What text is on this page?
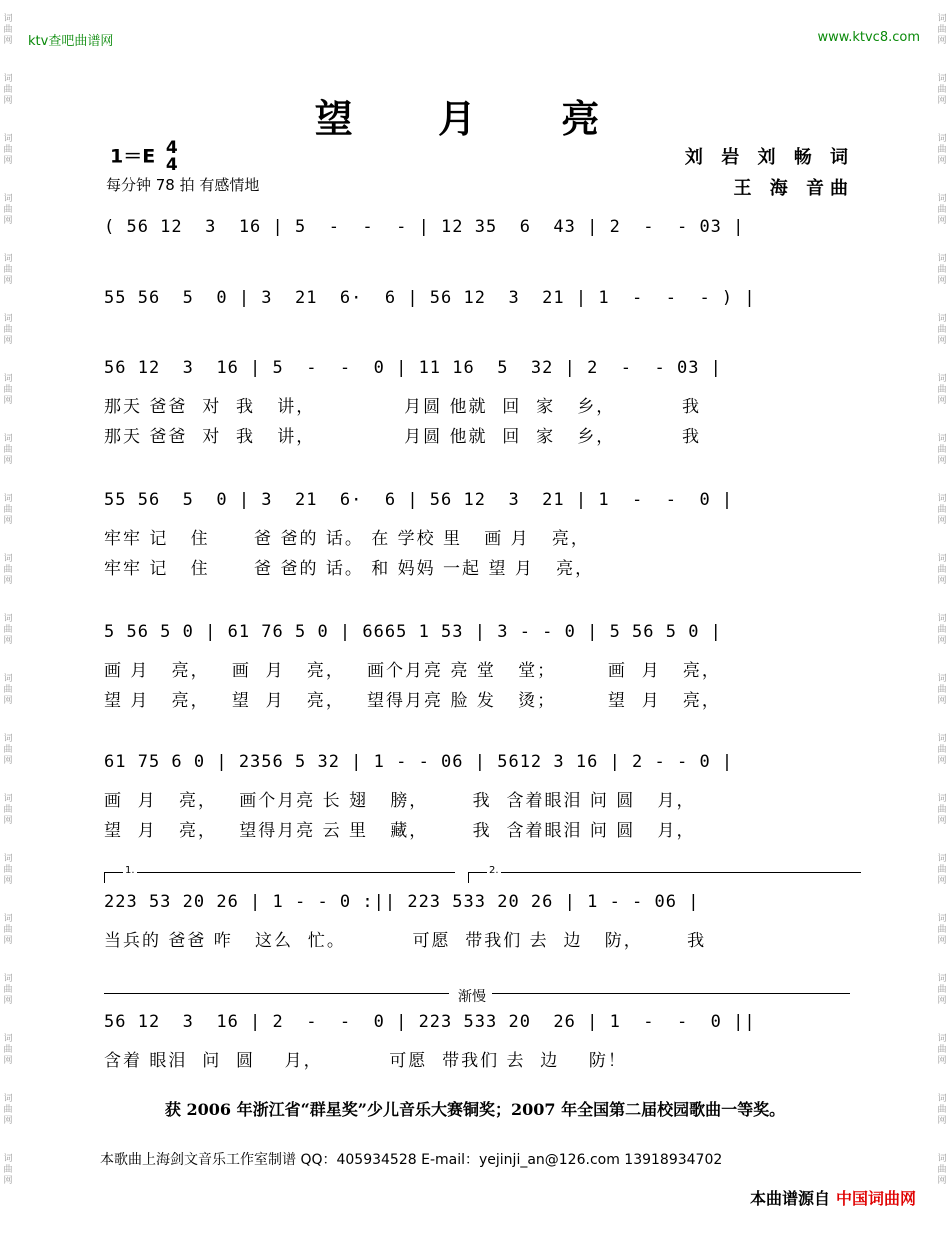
词
曲
网
词
曲
网
词
曲
网
词
曲
网
词
曲
网
词
曲
网
词
曲
网
词
曲
网
词
曲
网
词
曲
网
词
曲
网
词
曲
网
词
曲
网
词
曲
网
词
曲
网
词
曲
网
词
曲
网
词
曲
网
词
曲
网
词
曲
网
词
曲
网
词
曲
网
词
曲
网
词
曲
网
词
曲
网
词
曲
网
词
曲
网
词
曲
网
词
曲
网
词
曲
网
词
曲
网
词
曲
网
词
曲
网
词
曲
网
词
曲
网
词
曲
网
词
曲
网
词
曲
网
词
曲
网
词
曲
网
ktv查吧曲谱网	www.ktvc8.com
望 月 亮
1＝E 4
4
每分钟 78 拍 有感情地
刘 岩 刘 畅 词
王 海 音曲
( 56 12  3  16 | 5  -  -  - | 12 35  6  43 | 2  -  - 03 |
55 56  5  0 | 3  21  6·  6 | 56 12  3  21 | 1  -  -  - ) |
56 12  3  16 | 5  -  -  0 | 11 16  5  32 | 2  -  - 03 |
那天 爸爸  对  我   讲，            月圆 他就  回  家   乡，         我
那天 爸爸  对  我   讲，            月圆 他就  回  家   乡，         我
55 56  5  0 | 3  21  6·  6 | 56 12  3  21 | 1  -  -  0 |
牢牢 记   住      爸 爸的 话。 在 学校 里   画 月   亮，
牢牢 记   住      爸 爸的 话。 和 妈妈 一起 望 月   亮，
5 56 5 0 | 61 76 5 0 | 6665 1 53 | 3 - - 0 | 5 56 5 0 |
画 月   亮，   画  月   亮，   画个月亮 亮 堂   堂；       画  月   亮，
望 月   亮，   望  月   亮，   望得月亮 脸 发   烫；       望  月   亮，
61 75 6 0 | 2356 5 32 | 1 - - 06 | 5612 3 16 | 2 - - 0 |
画  月   亮，   画个月亮 长 翅   膀，      我  含着眼泪 问 圆   月，
望  月   亮，   望得月亮 云 里   藏，      我  含着眼泪 问 圆   月，
1.	2.
223 53 20 26 | 1 - - 0 :|| 223 533 20 26 | 1 - - 06 |
当兵的 爸爸 咋   这么  忙。         可愿  带我们 去  边   防，      我
渐慢
56 12  3  16 | 2  -  -  0 | 223 533 20  26 | 1  -  -  0 ||
含着 眼泪  问  圆    月，         可愿  带我们 去  边    防！
获 2006 年浙江省“群星奖”少儿音乐大赛铜奖；2007 年全国第二届校园歌曲一等奖。
本歌曲上海剑文音乐工作室制谱 QQ：405934528 E-mail：yejinji_an@126.com 13918934702
本曲谱源自 中国词曲网
